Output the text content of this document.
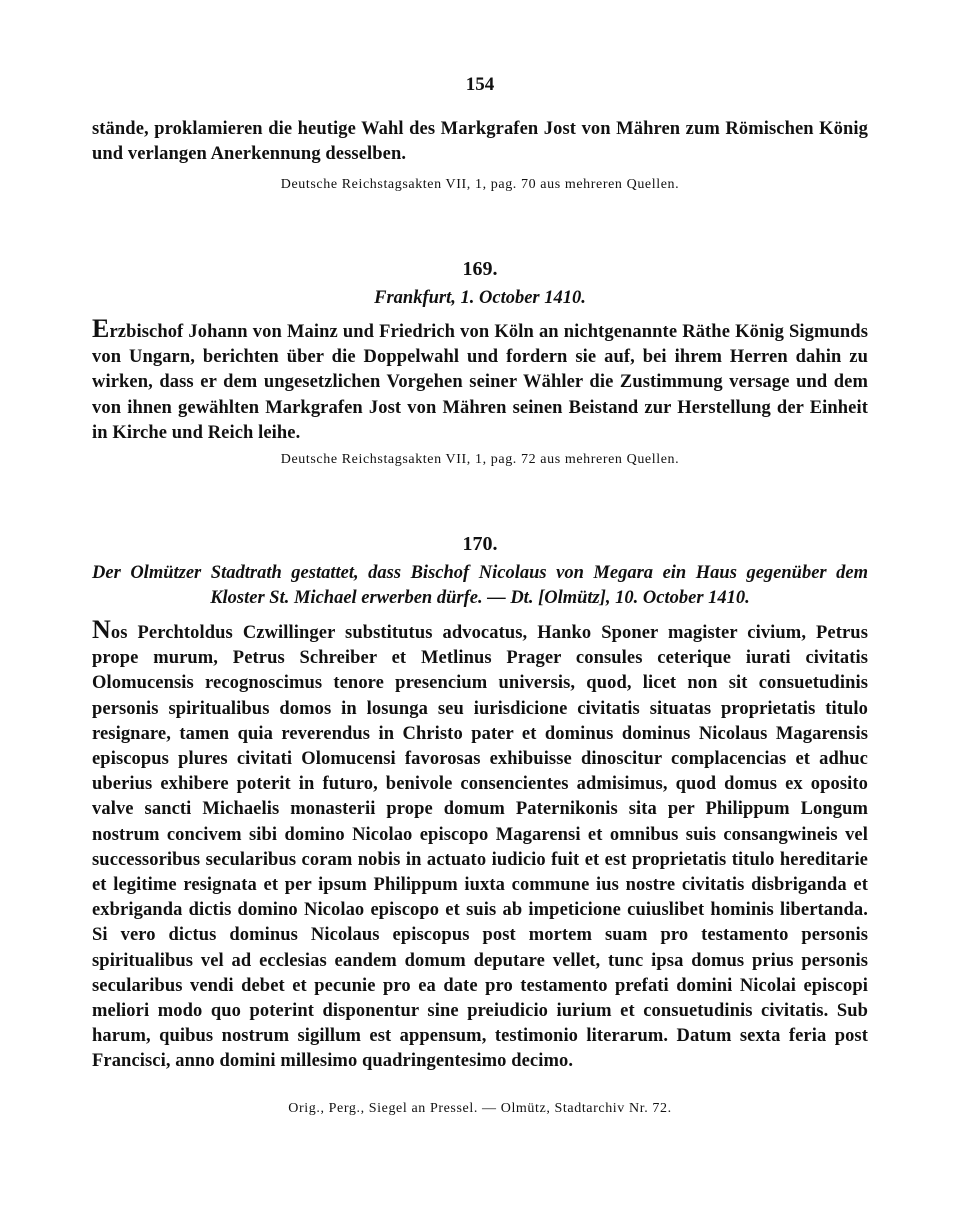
154

stände, proklamieren die heutige Wahl des Markgrafen Jost von Mähren zum Römischen König und verlangen Anerkennung desselben.

Deutsche Reichstagsakten VII, 1, pag. 70 aus mehreren Quellen.
169.
Frankfurt, 1. October 1410.

Erzbischof Johann von Mainz und Friedrich von Köln an nichtgenannte Räthe König Sigmunds von Ungarn, berichten über die Doppelwahl und fordern sie auf, bei ihrem Herren dahin zu wirken, dass er dem ungesetzlichen Vorgehen seiner Wähler die Zustimmung versage und dem von ihnen gewählten Markgrafen Jost von Mähren seinen Beistand zur Herstellung der Einheit in Kirche und Reich leihe.

Deutsche Reichstagsakten VII, 1, pag. 72 aus mehreren Quellen.
170.

Der Olmützer Stadtrath gestattet, dass Bischof Nicolaus von Megara ein Haus gegenüber dem Kloster St. Michael erwerben dürfe. — Dt. [Olmütz], 10. October 1410.

Nos Perchtoldus Czwillinger substitutus advocatus, Hanko Sponer magister civium, Petrus prope murum, Petrus Schreiber et Metlinus Prager consules ceterique iurati civitatis Olomucensis recognoscimus tenore presencium universis, quod, licet non sit consuetudinis personis spiritualibus domos in losunga seu iurisdicione civitatis situatas proprietatis titulo resignare, tamen quia reverendus in Christo pater et dominus dominus Nicolaus Magarensis episcopus plures civitati Olomucensi favorosas exhibuisse dinoscitur complacencias et adhuc uberius exhibere poterit in futuro, benivole consencientes admisimus, quod domus ex oposito valve sancti Michaelis monasterii prope domum Paternikonis sita per Philippum Longum nostrum concivem sibi domino Nicolao episcopo Magarensi et omnibus suis consangwineis vel successoribus secularibus coram nobis in actuato iudicio fuit et est proprietatis titulo hereditarie et legitime resignata et per ipsum Philippum iuxta commune ius nostre civitatis disbriganda et exbriganda dictis domino Nicolao episcopo et suis ab impeticione cuiuslibet hominis libertanda. Si vero dictus dominus Nicolaus episcopus post mortem suam pro testamento personis spiritualibus vel ad ecclesias eandem domum deputare vellet, tunc ipsa domus prius personis secularibus vendi debet et pecunie pro ea date pro testamento prefati domini Nicolai episcopi meliori modo quo poterint disponentur sine preiudicio iurium et consuetudinis civitatis. Sub harum, quibus nostrum sigillum est appensum, testimonio literarum. Datum sexta feria post Francisci, anno domini millesimo quadringentesimo decimo.

Orig., Perg., Siegel an Pressel. — Olmütz, Stadtarchiv Nr. 72.
